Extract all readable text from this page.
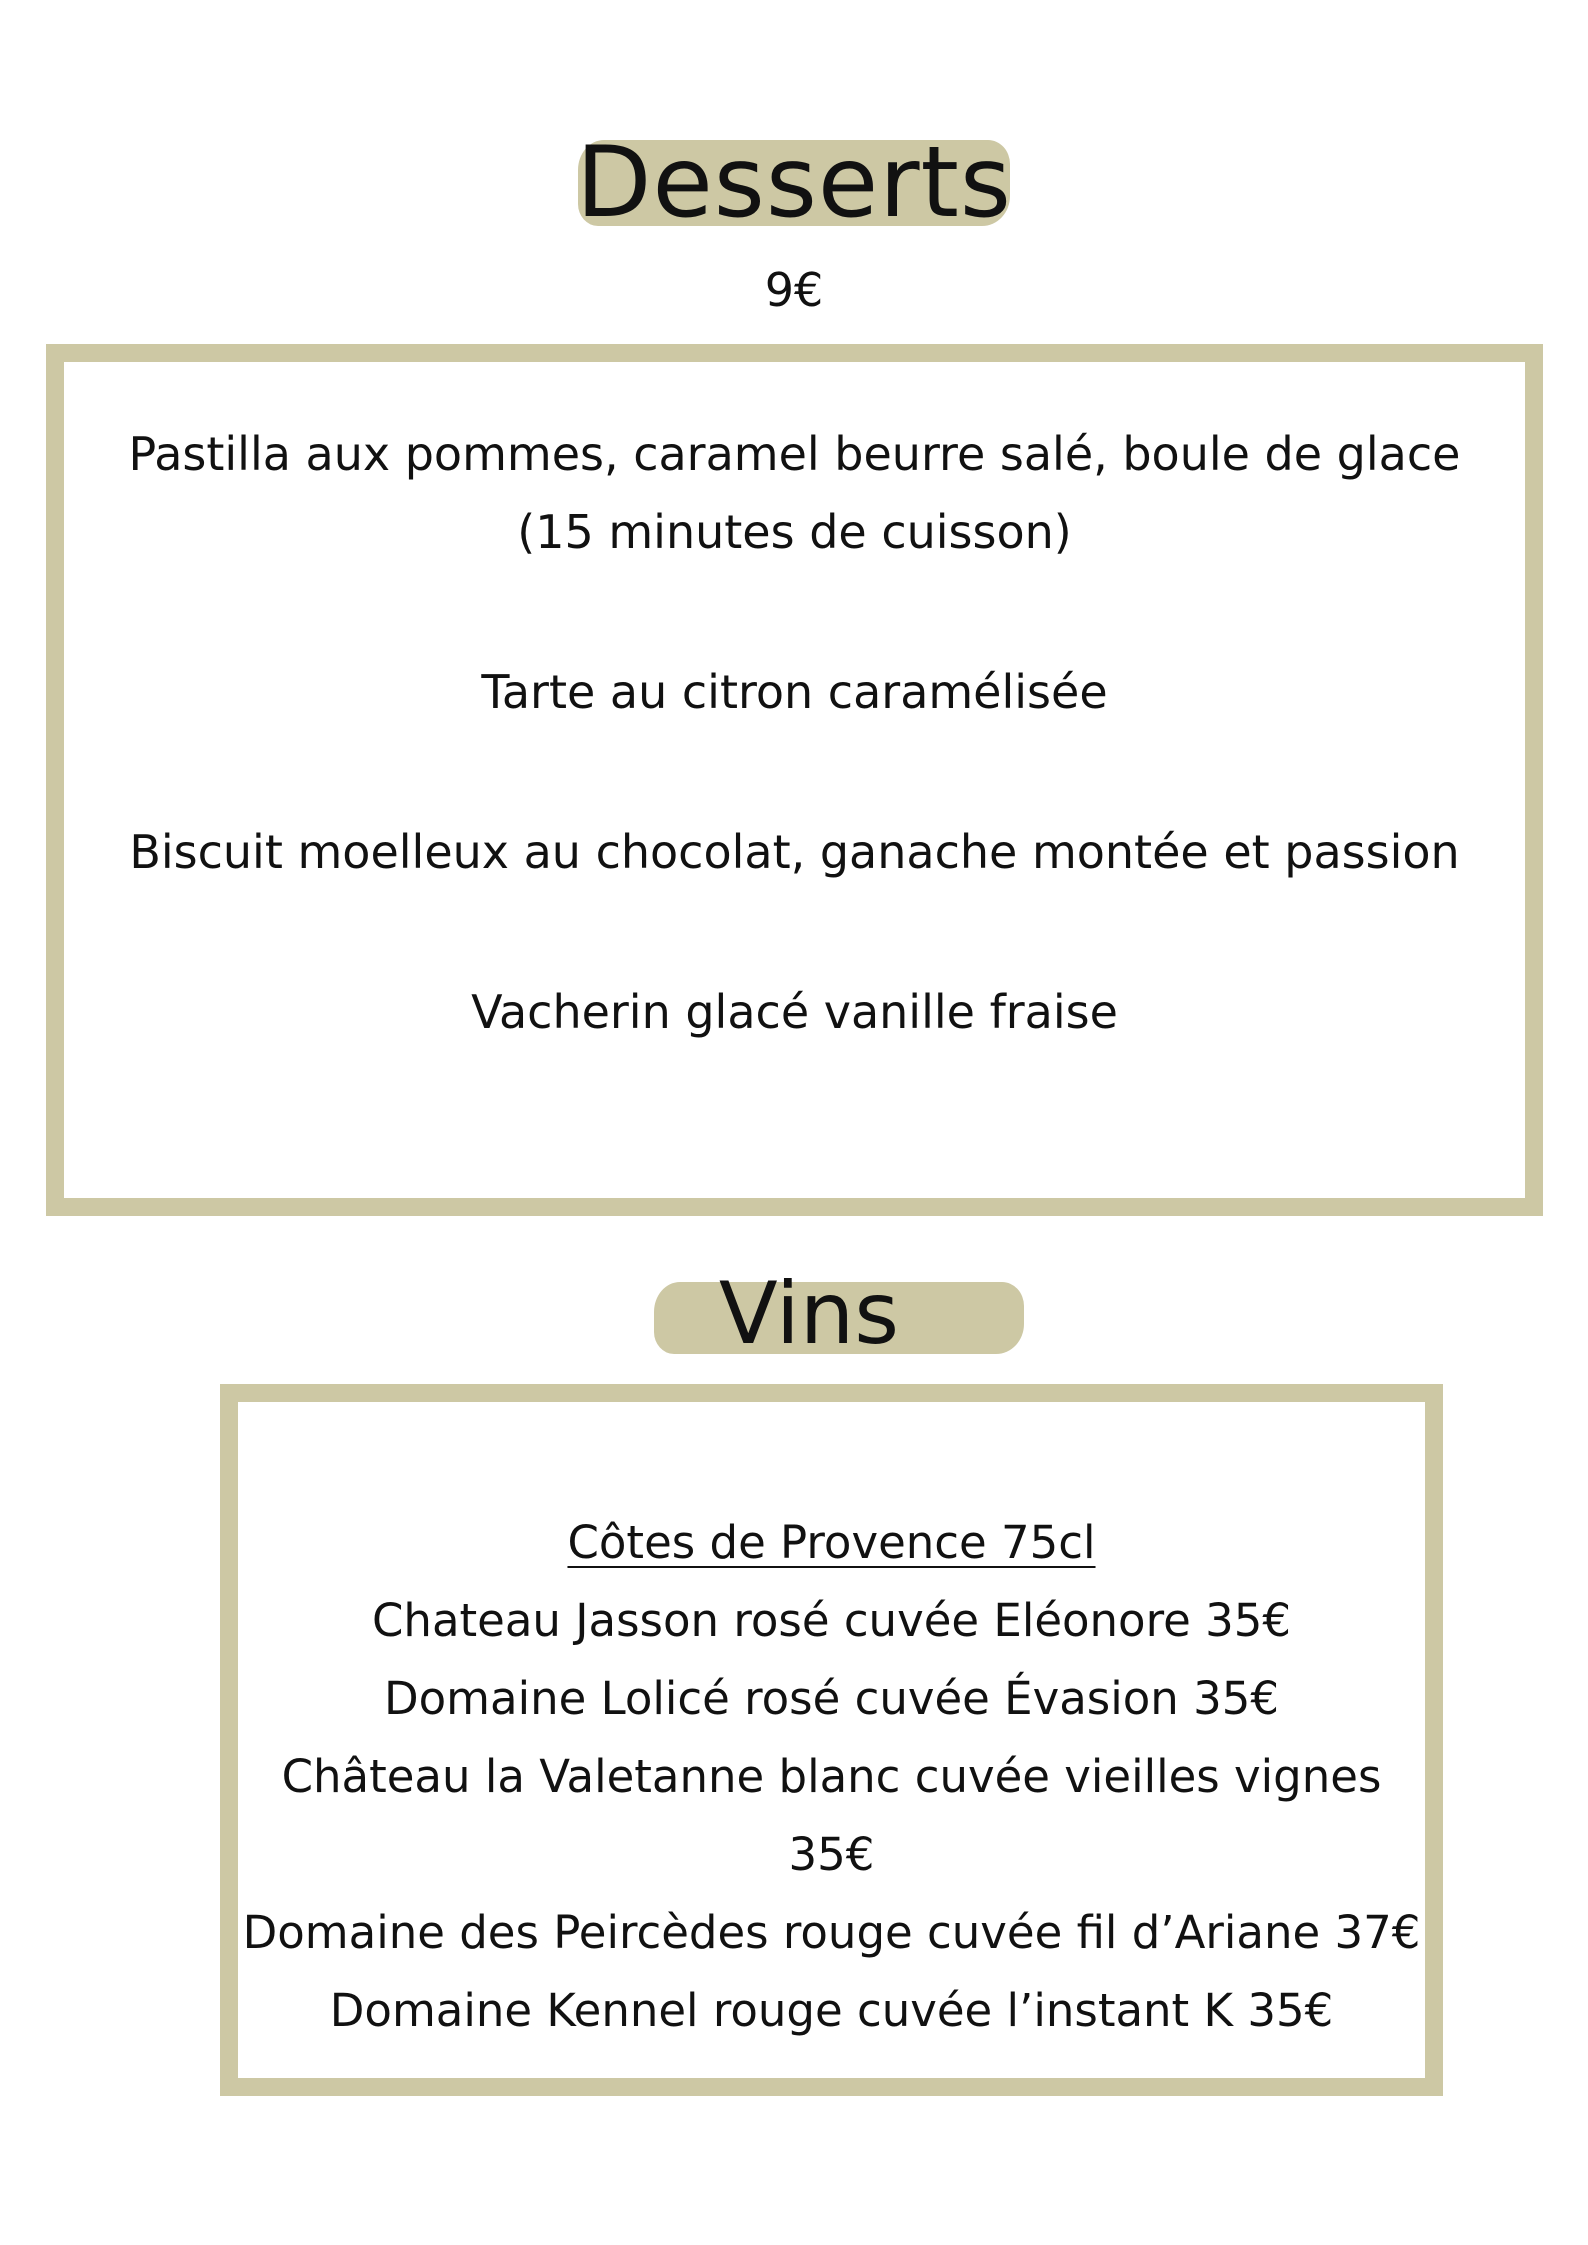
Desserts

9€

Pastilla aux pommes, caramel beurre salé, boule de glace
(15 minutes de cuisson)
Tarte au citron caramélisée
Biscuit moelleux au chocolat, ganache montée et passion
Vacherin glacé vanille fraise
Vins
Côtes de Provence 75cl
Chateau Jasson rosé cuvée Eléonore 35€
Domaine Lolicé rosé cuvée Évasion 35€
Château la Valetanne blanc cuvée vieilles vignes 35€
Domaine des Peircèdes rouge cuvée fil d’Ariane 37€
Domaine Kennel rouge cuvée l’instant K 35€
